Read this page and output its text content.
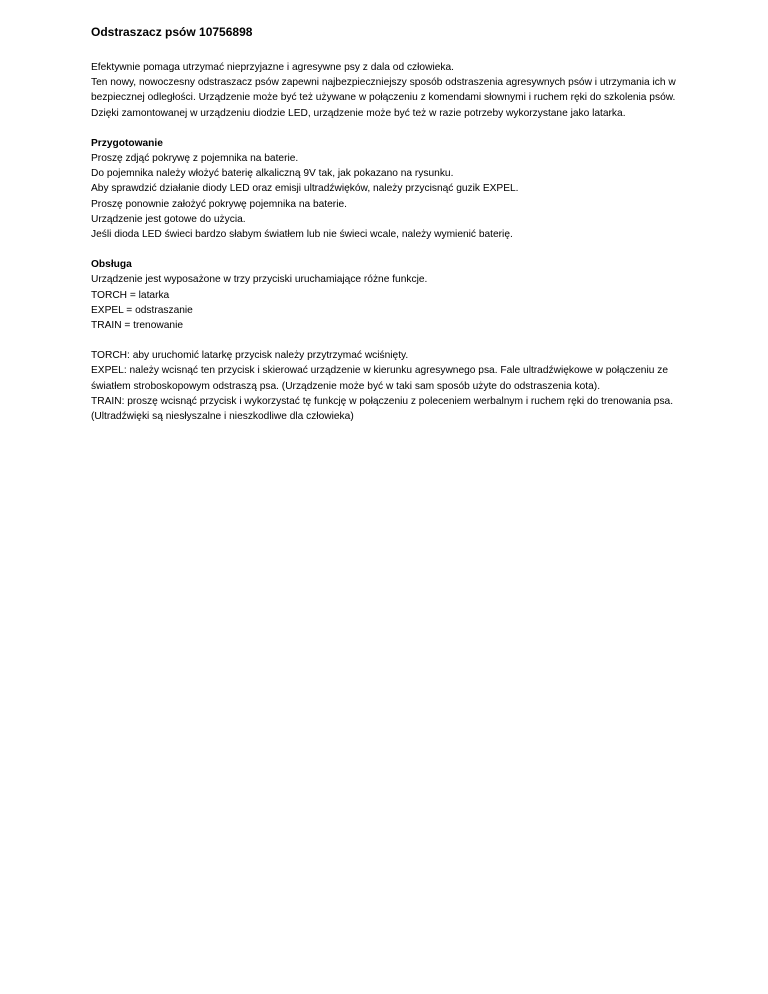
Odstraszacz psów 10756898

Efektywnie pomaga utrzymać nieprzyjazne i agresywne psy z dala od człowieka.

Ten nowy, nowoczesny odstraszacz psów zapewni najbezpieczniejszy sposób odstraszenia agresywnych psów i utrzymania ich w bezpiecznej odległości. Urządzenie może być też używane w połączeniu z komendami słownymi i ruchem ręki do szkolenia psów.

Dzięki zamontowanej w urządzeniu diodzie LED, urządzenie może być też w razie potrzeby wykorzystane jako latarka.

Przygotowanie

Proszę zdjąć pokrywę z pojemnika na baterie.

Do pojemnika należy włożyć baterię alkaliczną 9V tak, jak pokazano na rysunku.

Aby sprawdzić działanie diody LED oraz emisji ultradźwięków, należy przycisnąć guzik EXPEL.

Proszę ponownie założyć pokrywę pojemnika na baterie.

Urządzenie jest gotowe do użycia.

Jeśli dioda LED świeci bardzo słabym światłem lub nie świeci wcale, należy wymienić baterię.

Obsługa

Urządzenie jest wyposażone w trzy przyciski uruchamiające różne funkcje.

TORCH = latarka

EXPEL = odstraszanie

TRAIN = trenowanie

TORCH: aby uruchomić latarkę przycisk należy przytrzymać wciśnięty.

EXPEL: należy wcisnąć ten przycisk i skierować urządzenie w kierunku agresywnego psa. Fale ultradźwiękowe w połączeniu ze światłem stroboskopowym odstraszą psa. (Urządzenie może być w taki sam sposób użyte do odstraszenia kota).

TRAIN: proszę wcisnąć przycisk i wykorzystać tę funkcję w połączeniu z poleceniem werbalnym i ruchem ręki do trenowania psa. (Ultradźwięki są niesłyszalne i nieszkodliwe dla człowieka)
